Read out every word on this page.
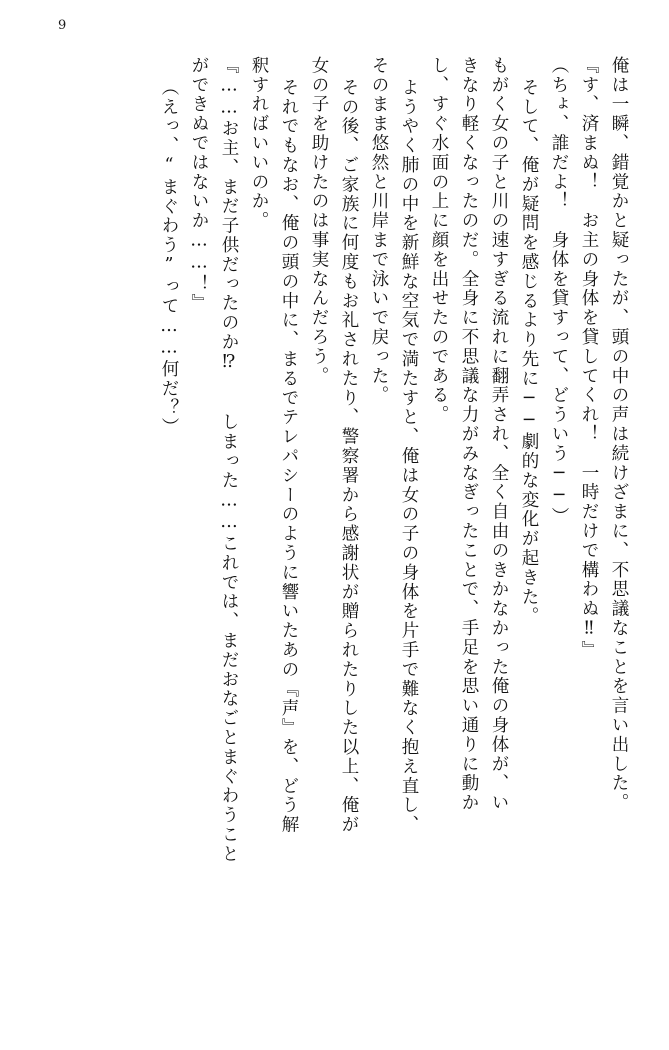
9
俺は一瞬、錯覚かと疑ったが、頭の中の声は続けざまに、不思議なことを言い出した。
『す、済まぬ！　お主の身体を貸してくれ！　一時だけで構わぬ‼』
（ちょ、誰だよ！　身体を貸すって、どういう──）
そして、俺が疑問を感じるより先に──劇的な変化が起きた。
もがく女の子と川の速すぎる流れに翻弄され、全く自由のきかなかった俺の身体が、い
きなり軽くなったのだ。全身に不思議な力がみなぎったことで、手足を思い通りに動か
し、すぐ水面の上に顔を出せたのである。
ようやく肺の中を新鮮な空気で満たすと、俺は女の子の身体を片手で難なく抱え直し、
そのまま悠然と川岸まで泳いで戻った。
その後、ご家族に何度もお礼されたり、警察署から感謝状が贈られたりした以上、俺が
女の子を助けたのは事実なんだろう。
それでもなお、俺の頭の中に、まるでテレパシーのように響いたあの『声』を、どう解
釈すればいいのか。
『……お主、まだ子供だったのか⁉　　しまった……これでは、まだおなごとまぐわうこと
ができぬではないか……！』
（えっ、“まぐわう”って……何だ？）
